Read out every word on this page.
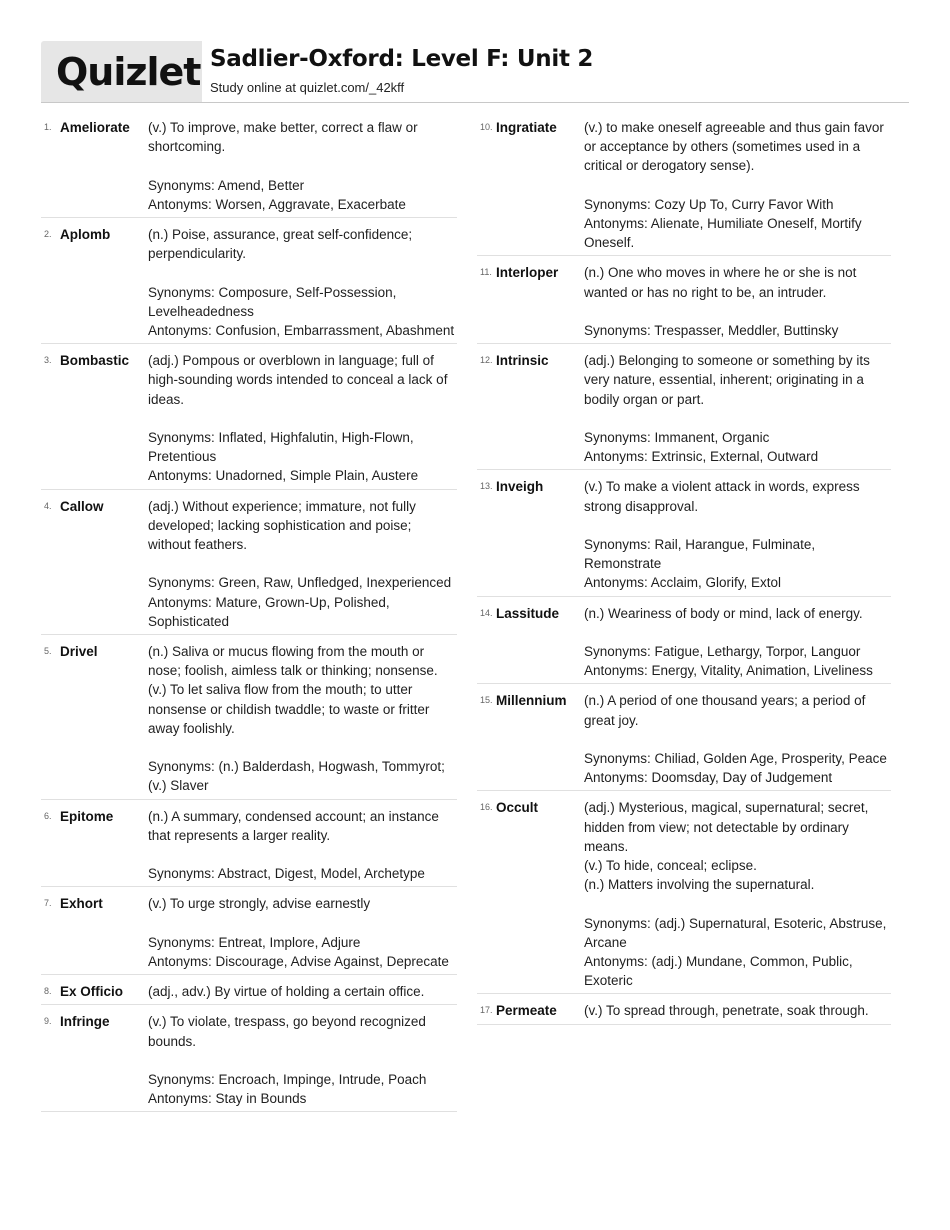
Quizlet Sadlier-Oxford: Level F: Unit 2
Study online at quizlet.com/_42kff
1. Ameliorate	(v.) To improve, make better, correct a flaw or shortcoming.
Synonyms: Amend, Better
Antonyms: Worsen, Aggravate, Exacerbate
2. Aplomb	(n.) Poise, assurance, great self-confidence; perpendicularity.
Synonyms: Composure, Self-Possession, Levelheadedness
Antonyms: Confusion, Embarrassment, Abashment
3. Bombastic	(adj.) Pompous or overblown in language; full of high-sounding words intended to conceal a lack of ideas.
Synonyms: Inflated, Highfalutin, High-Flown, Pretentious
Antonyms: Unadorned, Simple Plain, Austere
4. Callow	(adj.) Without experience; immature, not fully developed; lacking sophistication and poise; without feathers.
Synonyms: Green, Raw, Unfledged, Inexperienced
Antonyms: Mature, Grown-Up, Polished, Sophisticated
5. Drivel	(n.) Saliva or mucus flowing from the mouth or nose; foolish, aimless talk or thinking; nonsense.
(v.) To let saliva flow from the mouth; to utter nonsense or childish twaddle; to waste or fritter away foolishly.
Synonyms: (n.) Balderdash, Hogwash, Tommyrot; (v.) Slaver
6. Epitome	(n.) A summary, condensed account; an instance that represents a larger reality.
Synonyms: Abstract, Digest, Model, Archetype
7. Exhort	(v.) To urge strongly, advise earnestly
Synonyms: Entreat, Implore, Adjure
Antonyms: Discourage, Advise Against, Deprecate
8. Ex Officio	(adj., adv.) By virtue of holding a certain office.
9. Infringe	(v.) To violate, trespass, go beyond recognized bounds.
Synonyms: Encroach, Impinge, Intrude, Poach
Antonyms: Stay in Bounds
10. Ingratiate	(v.) to make oneself agreeable and thus gain favor or acceptance by others (sometimes used in a critical or derogatory sense).
Synonyms: Cozy Up To, Curry Favor With
Antonyms: Alienate, Humiliate Oneself, Mortify Oneself.
11. Interloper	(n.) One who moves in where he or she is not wanted or has no right to be, an intruder.
Synonyms: Trespasser, Meddler, Buttinsky
12. Intrinsic	(adj.) Belonging to someone or something by its very nature, essential, inherent; originating in a bodily organ or part.
Synonyms: Immanent, Organic
Antonyms: Extrinsic, External, Outward
13. Inveigh	(v.) To make a violent attack in words, express strong disapproval.
Synonyms: Rail, Harangue, Fulminate, Remonstrate
Antonyms: Acclaim, Glorify, Extol
14. Lassitude	(n.) Weariness of body or mind, lack of energy.
Synonyms: Fatigue, Lethargy, Torpor, Languor
Antonyms: Energy, Vitality, Animation, Liveliness
15. Millennium	(n.) A period of one thousand years; a period of great joy.
Synonyms: Chiliad, Golden Age, Prosperity, Peace
Antonyms: Doomsday, Day of Judgement
16. Occult	(adj.) Mysterious, magical, supernatural; secret, hidden from view; not detectable by ordinary means.
(v.) To hide, conceal; eclipse.
(n.) Matters involving the supernatural.
Synonyms: (adj.) Supernatural, Esoteric, Abstruse, Arcane
Antonyms: (adj.) Mundane, Common, Public, Exoteric
17. Permeate	(v.) To spread through, penetrate, soak through.
